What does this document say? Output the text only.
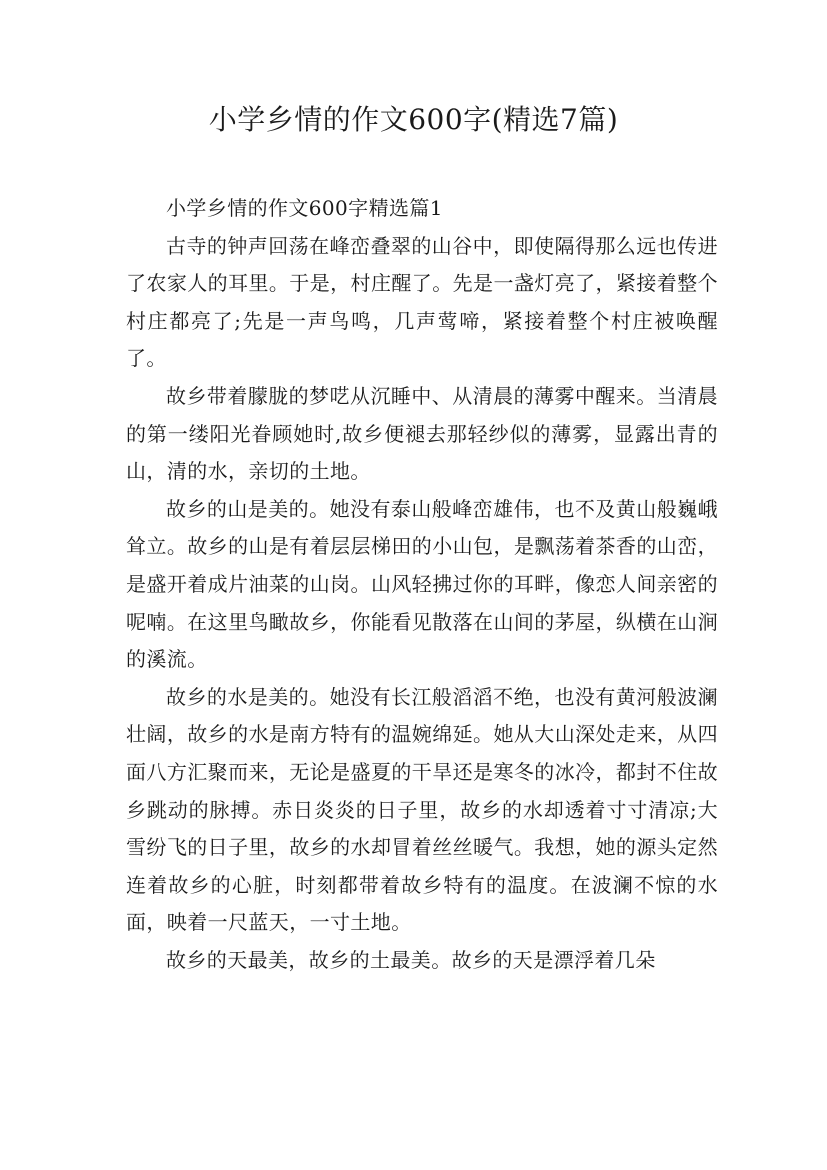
小学乡情的作文600字(精选7篇)

小学乡情的作文600字精选篇1

古寺的钟声回荡在峰峦叠翠的山谷中，即使隔得那么远也传进了农家人的耳里。于是，村庄醒了。先是一盏灯亮了，紧接着整个村庄都亮了;先是一声鸟鸣，几声莺啼，紧接着整个村庄被唤醒了。

故乡带着朦胧的梦呓从沉睡中、从清晨的薄雾中醒来。当清晨的第一缕阳光眷顾她时,故乡便褪去那轻纱似的薄雾，显露出青的山，清的水，亲切的土地。

故乡的山是美的。她没有泰山般峰峦雄伟，也不及黄山般巍峨耸立。故乡的山是有着层层梯田的小山包，是飘荡着茶香的山峦，是盛开着成片油菜的山岗。山风轻拂过你的耳畔，像恋人间亲密的呢喃。在这里鸟瞰故乡，你能看见散落在山间的茅屋，纵横在山涧的溪流。

故乡的水是美的。她没有长江般滔滔不绝，也没有黄河般波澜壮阔，故乡的水是南方特有的温婉绵延。她从大山深处走来，从四面八方汇聚而来，无论是盛夏的干旱还是寒冬的冰冷，都封不住故乡跳动的脉搏。赤日炎炎的日子里，故乡的水却透着寸寸清凉;大雪纷飞的日子里，故乡的水却冒着丝丝暖气。我想，她的源头定然连着故乡的心脏，时刻都带着故乡特有的温度。在波澜不惊的水面，映着一尺蓝天，一寸土地。

故乡的天最美，故乡的土最美。故乡的天是漂浮着几朵
